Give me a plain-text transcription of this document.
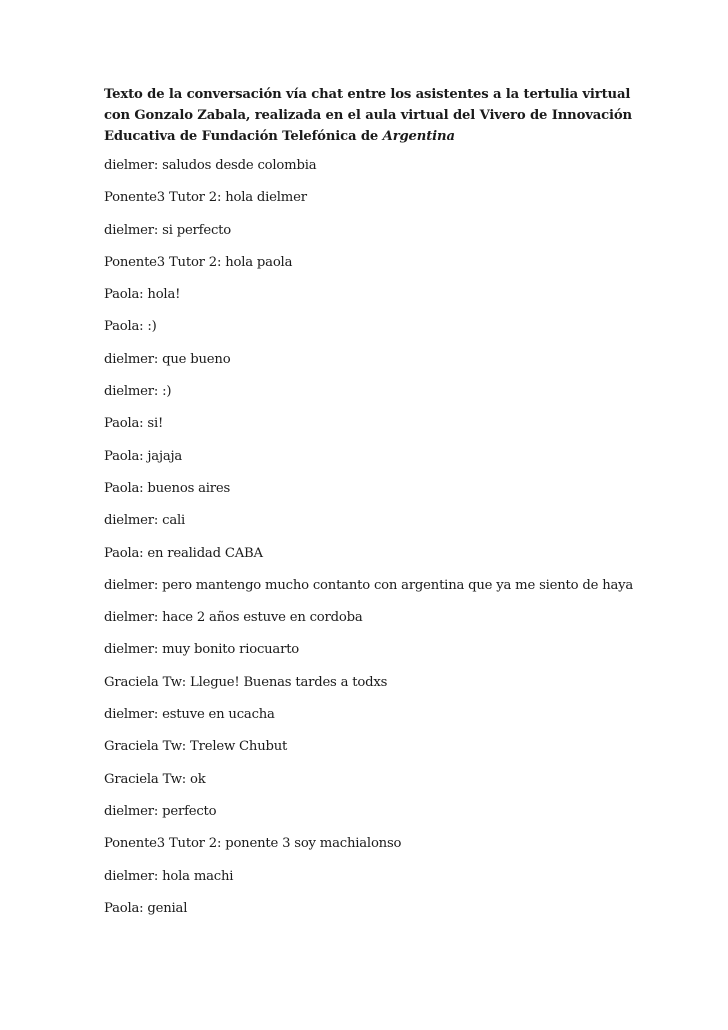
Texto de la conversación vía chat entre los asistentes a la tertulia virtual con Gonzalo Zabala, realizada en el aula virtual del Vivero de Innovación Educativa de Fundación Telefónica de Argentina
dielmer: saludos desde colombia
Ponente3 Tutor 2: hola dielmer
dielmer: si perfecto
Ponente3 Tutor 2: hola paola
Paola: hola!
Paola: :)
dielmer: que bueno
dielmer: :)
Paola: si!
Paola: jajaja
Paola: buenos aires
dielmer: cali
Paola: en realidad CABA
dielmer: pero mantengo mucho contanto con argentina que ya me siento de haya
dielmer: hace 2 años estuve en cordoba
dielmer: muy bonito riocuarto
Graciela Tw: Llegue! Buenas tardes a todxs
dielmer: estuve en ucacha
Graciela Tw: Trelew Chubut
Graciela Tw: ok
dielmer: perfecto
Ponente3 Tutor 2: ponente 3 soy machialonso
dielmer: hola machi
Paola: genial
